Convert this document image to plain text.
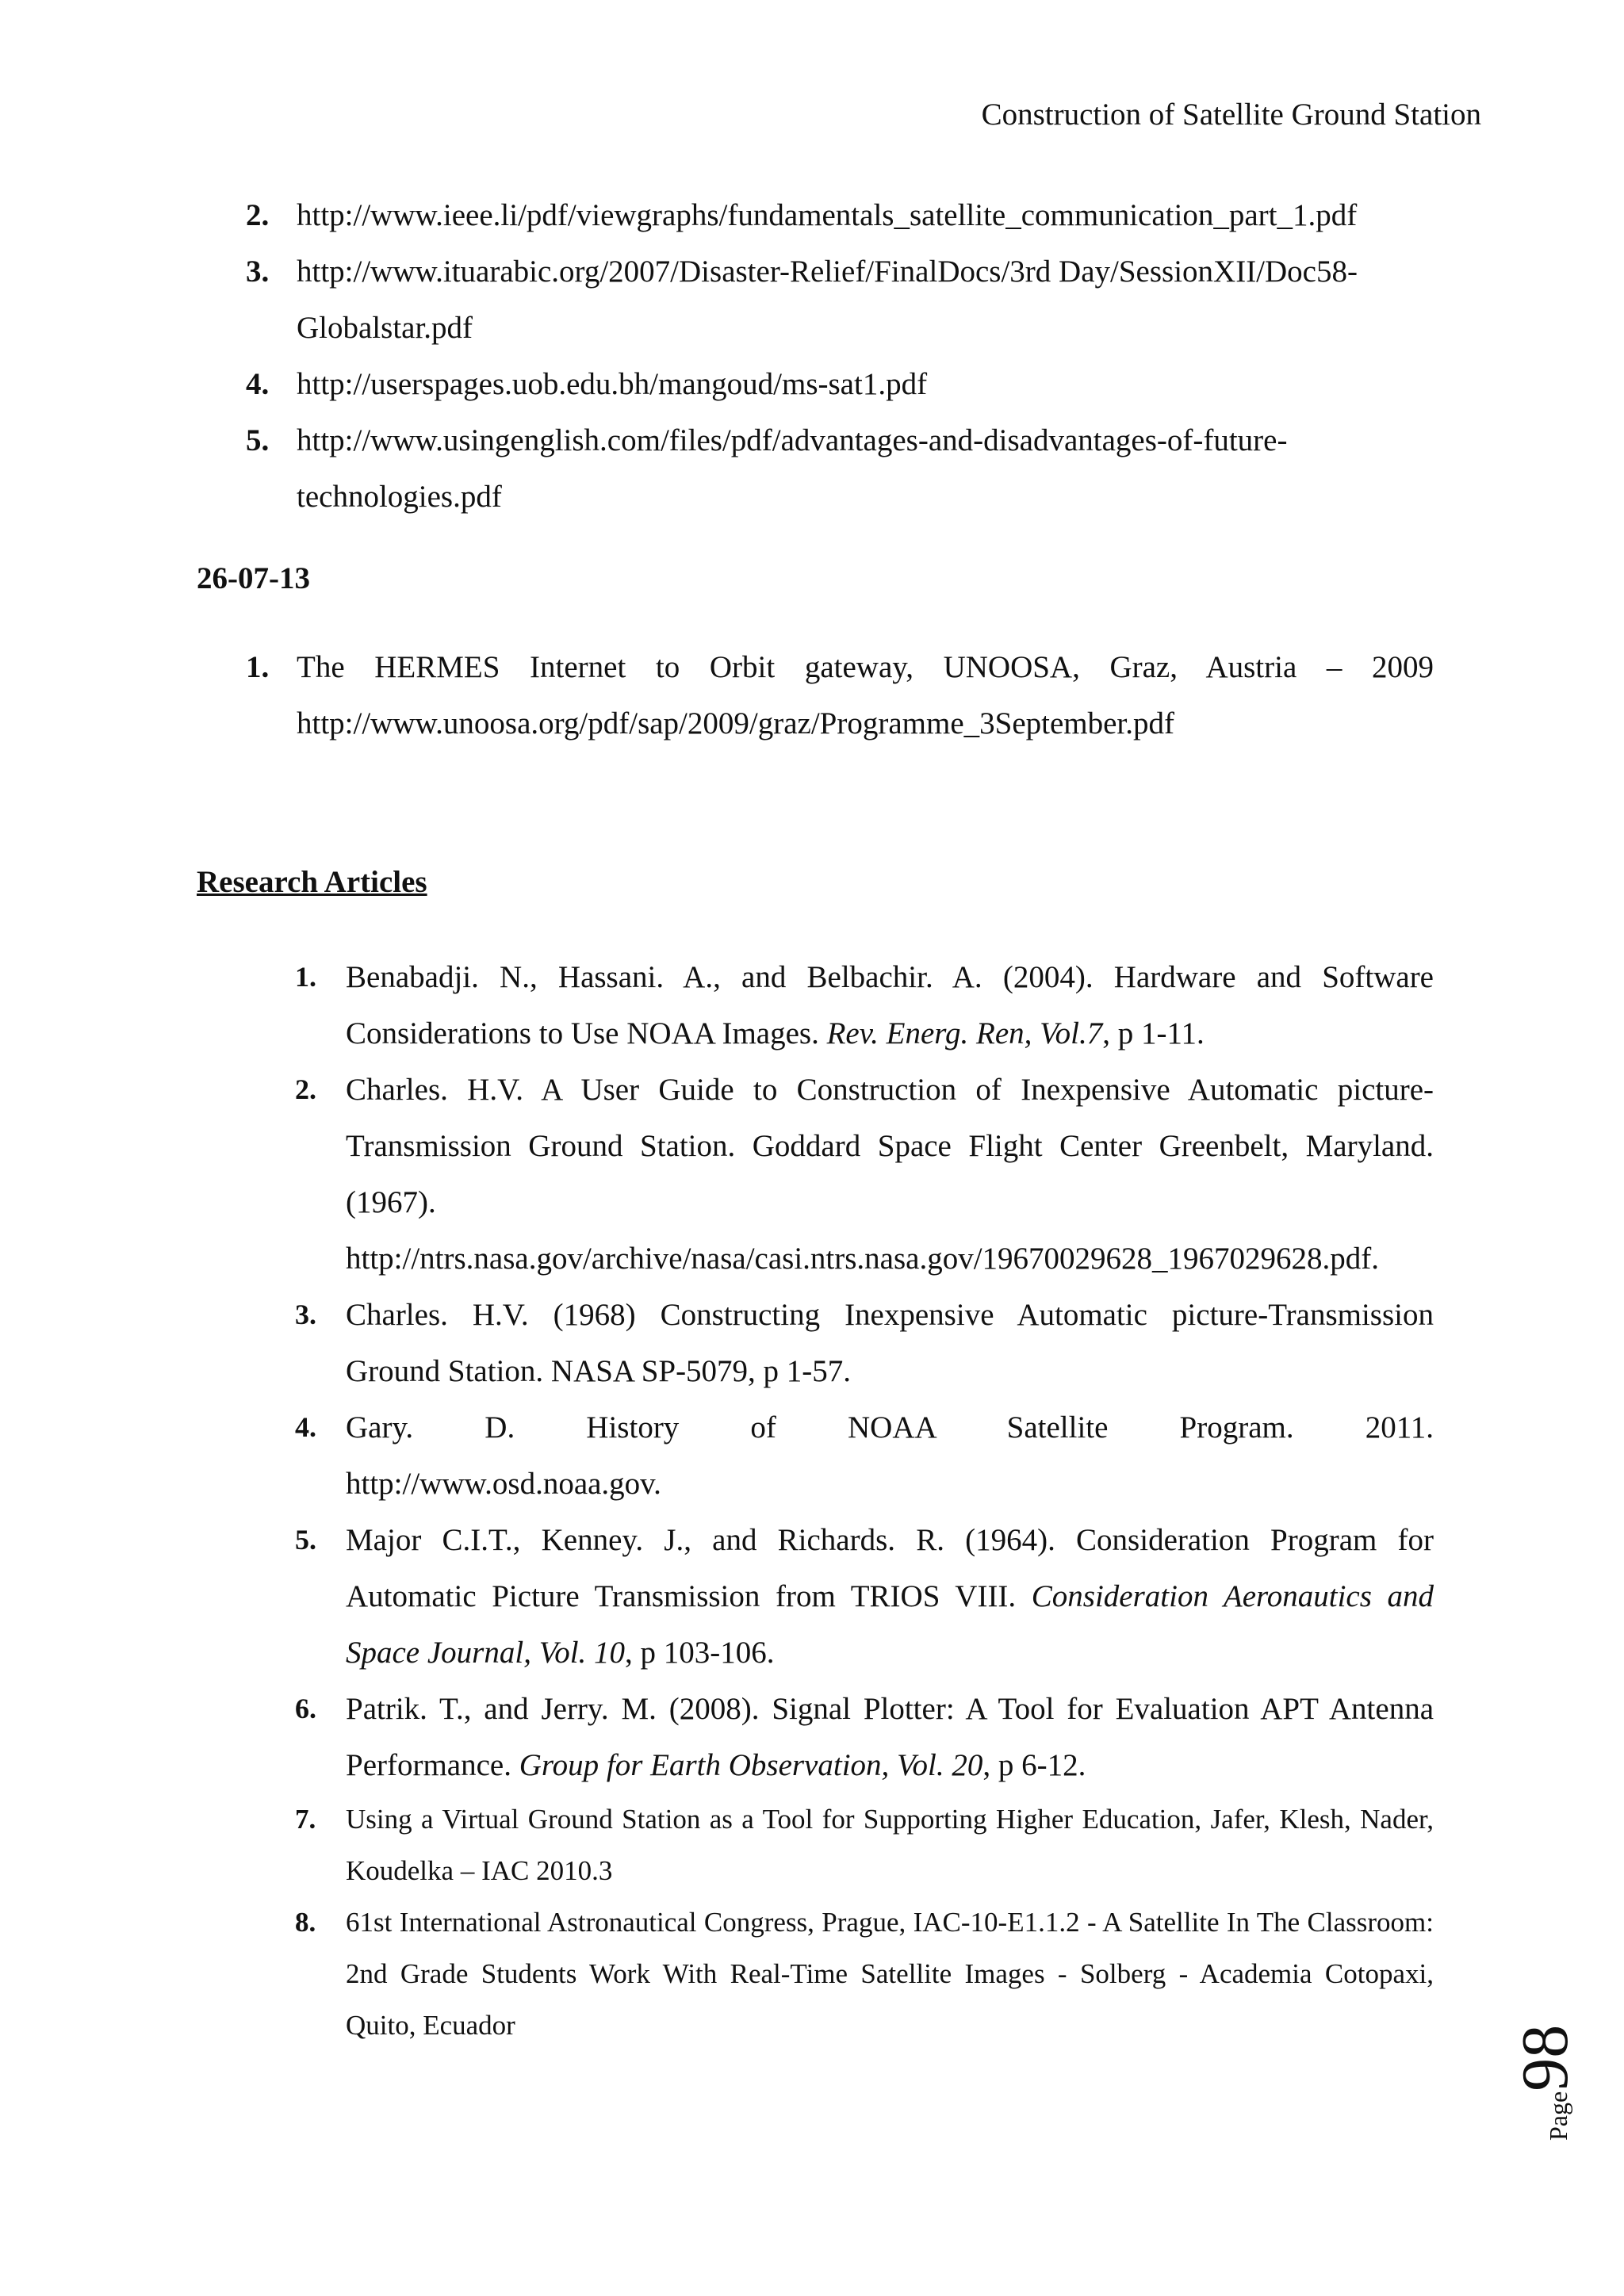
Construction of Satellite Ground Station
2. http://www.ieee.li/pdf/viewgraphs/fundamentals_satellite_communication_part_1.pdf
3. http://www.ituarabic.org/2007/Disaster-Relief/FinalDocs/3rd Day/SessionXII/Doc58-
Globalstar.pdf
4. http://userspages.uob.edu.bh/mangoud/ms-sat1.pdf
5. http://www.usingenglish.com/files/pdf/advantages-and-disadvantages-of-future-
technologies.pdf
26-07-13
1. The HERMES Internet to Orbit gateway, UNOOSA, Graz, Austria – 2009
http://www.unoosa.org/pdf/sap/2009/graz/Programme_3September.pdf
Research Articles
1. Benabadji. N., Hassani. A., and Belbachir. A. (2004). Hardware and Software Considerations to Use NOAA Images. Rev. Energ. Ren, Vol.7, p 1-11.
2. Charles. H.V. A User Guide to Construction of Inexpensive Automatic picture-Transmission Ground Station. Goddard Space Flight Center Greenbelt, Maryland. (1967).
http://ntrs.nasa.gov/archive/nasa/casi.ntrs.nasa.gov/19670029628_1967029628.pdf.
3. Charles. H.V. (1968) Constructing Inexpensive Automatic picture-Transmission Ground Station. NASA SP-5079, p 1-57.
4. Gary. D. History of NOAA Satellite Program. 2011.
http://www.osd.noaa.gov.
5. Major C.I.T., Kenney. J., and Richards. R. (1964). Consideration Program for Automatic Picture Transmission from TRIOS VIII. Consideration Aeronautics and Space Journal, Vol. 10, p 103-106.
6. Patrik. T., and Jerry. M. (2008). Signal Plotter: A Tool for Evaluation APT Antenna Performance. Group for Earth Observation, Vol. 20, p 6-12.
7. Using a Virtual Ground Station as a Tool for Supporting Higher Education, Jafer, Klesh, Nader, Koudelka – IAC 2010.3
8. 61st International Astronautical Congress, Prague, IAC-10-E1.1.2 - A Satellite In The Classroom: 2nd Grade Students Work With Real-Time Satellite Images - Solberg - Academia Cotopaxi, Quito, Ecuador
Page98
